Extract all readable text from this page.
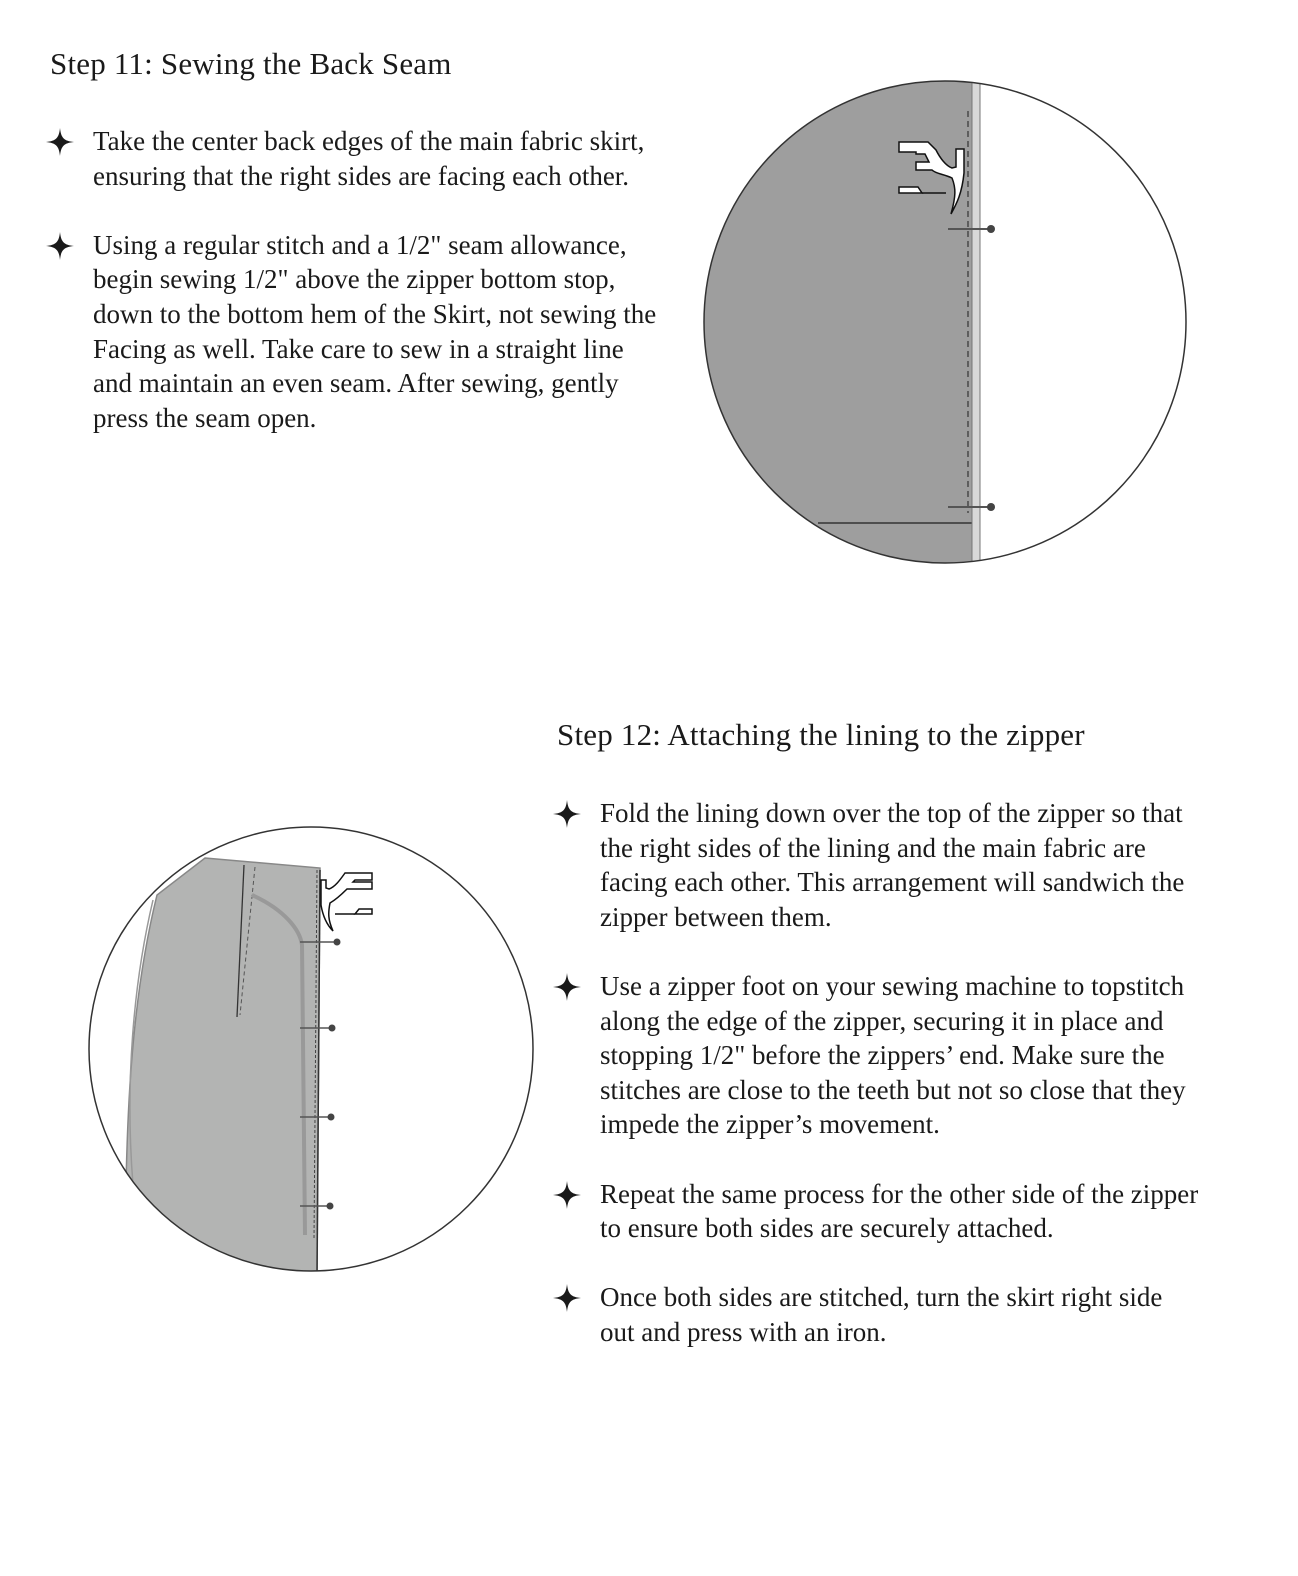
Step 11: Sewing the Back Seam
Take the center back edges of the main fabric skirt, ensuring that the right sides are facing each other.
Using a regular stitch and a 1/2" seam allowance, begin sewing 1/2" above the zipper bottom stop, down to the bottom hem of the Skirt, not sewing the Facing as well. Take care to sew in a straight line and maintain an even seam. After sewing, gently press the seam open.
Step 12: Attaching the lining to the zipper
Fold the lining down over the top of the zipper so that the right sides of the lining and the main fabric are facing each other. This arrangement will sandwich the zipper between them.
Use a zipper foot on your sewing machine to topstitch along the edge of the zipper, securing it in place and stopping 1/2" before the zippers’ end. Make sure the stitches are close to the teeth but not so close that they impede the zipper’s movement.
Repeat the same process for the other side of the zipper to ensure both sides are securely attached.
Once both sides are stitched, turn the skirt right side out and press with an iron.
